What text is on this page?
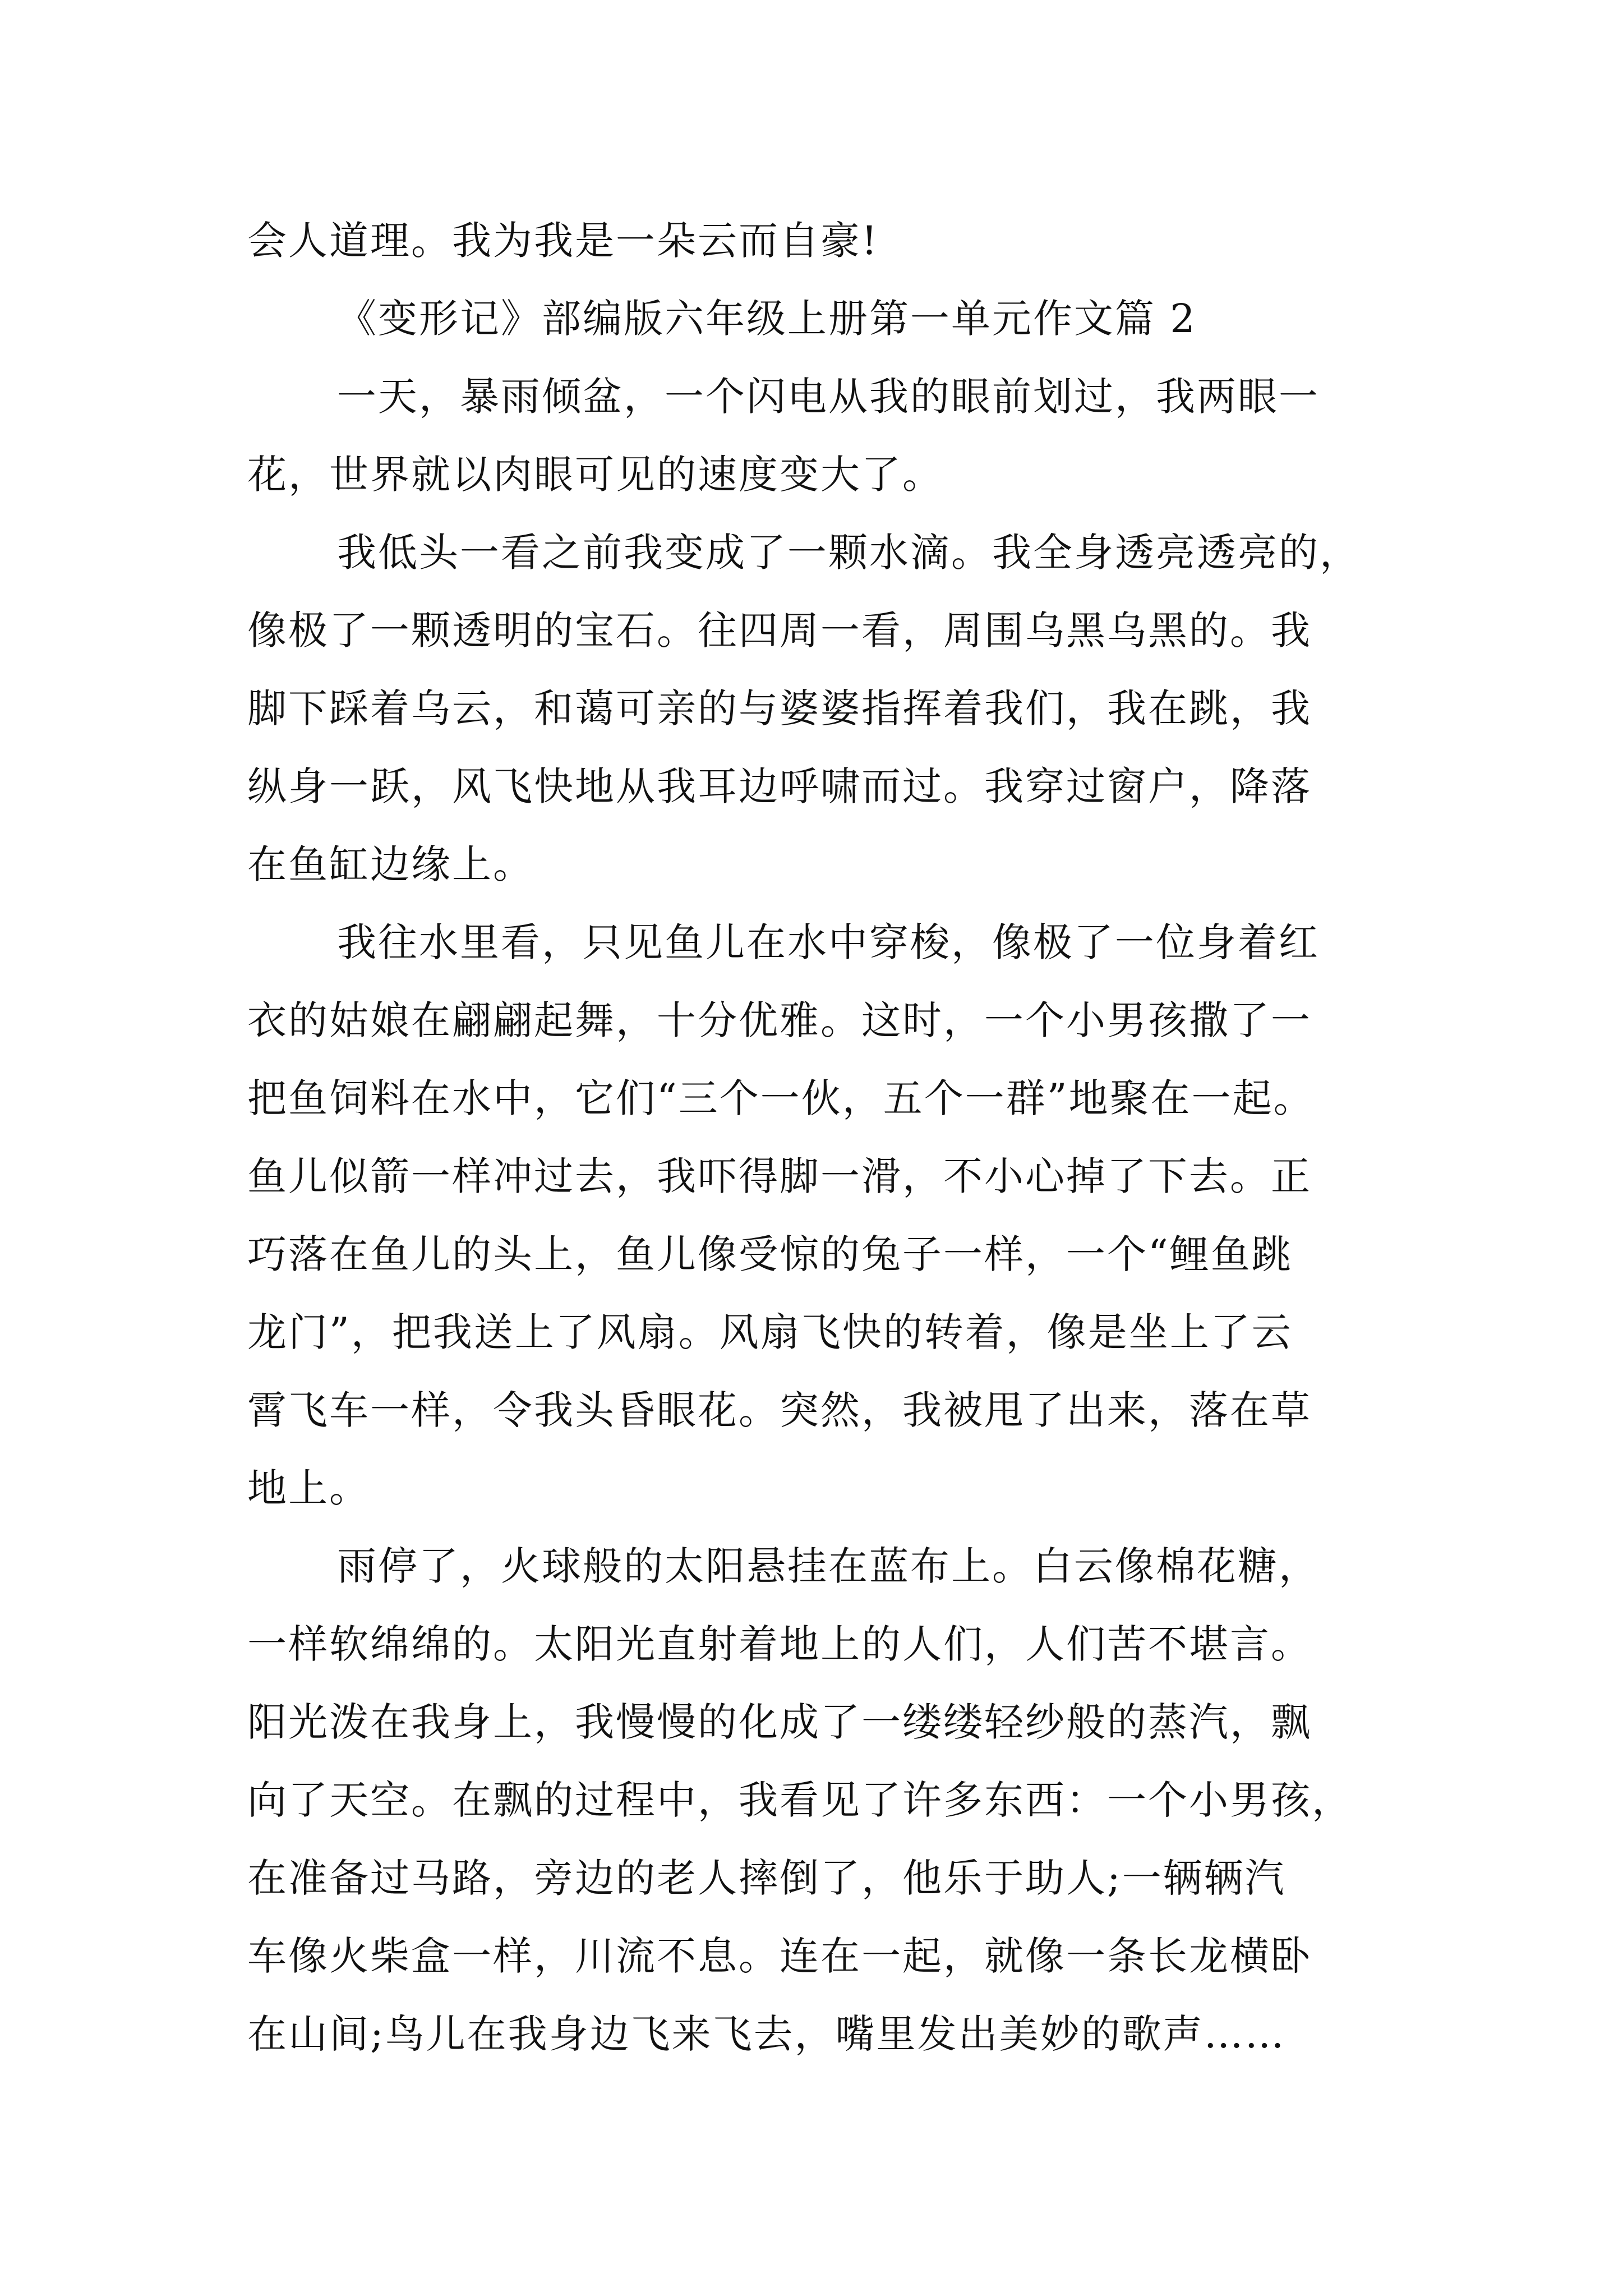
会人道理。我为我是一朵云而自豪!
《变形记》部编版六年级上册第一单元作文篇 2
一天，暴雨倾盆，一个闪电从我的眼前划过，我两眼一
花，世界就以肉眼可见的速度变大了。
我低头一看之前我变成了一颗水滴。我全身透亮透亮的，
像极了一颗透明的宝石。往四周一看，周围乌黑乌黑的。我
脚下踩着乌云，和蔼可亲的与婆婆指挥着我们，我在跳，我
纵身一跃，风飞快地从我耳边呼啸而过。我穿过窗户，降落
在鱼缸边缘上。
我往水里看，只见鱼儿在水中穿梭，像极了一位身着红
衣的姑娘在翩翩起舞，十分优雅。这时，一个小男孩撒了一
把鱼饲料在水中，它们“三个一伙，五个一群”地聚在一起。
鱼儿似箭一样冲过去，我吓得脚一滑，不小心掉了下去。正
巧落在鱼儿的头上，鱼儿像受惊的兔子一样，一个“鲤鱼跳
龙门”，把我送上了风扇。风扇飞快的转着，像是坐上了云
霄飞车一样，令我头昏眼花。突然，我被甩了出来，落在草
地上。
雨停了，火球般的太阳悬挂在蓝布上。白云像棉花糖，
一样软绵绵的。太阳光直射着地上的人们，人们苦不堪言。
阳光泼在我身上，我慢慢的化成了一缕缕轻纱般的蒸汽，飘
向了天空。在飘的过程中，我看见了许多东西：一个小男孩，
在准备过马路，旁边的老人摔倒了，他乐于助人;一辆辆汽
车像火柴盒一样，川流不息。连在一起，就像一条长龙横卧
在山间;鸟儿在我身边飞来飞去，嘴里发出美妙的歌声……
